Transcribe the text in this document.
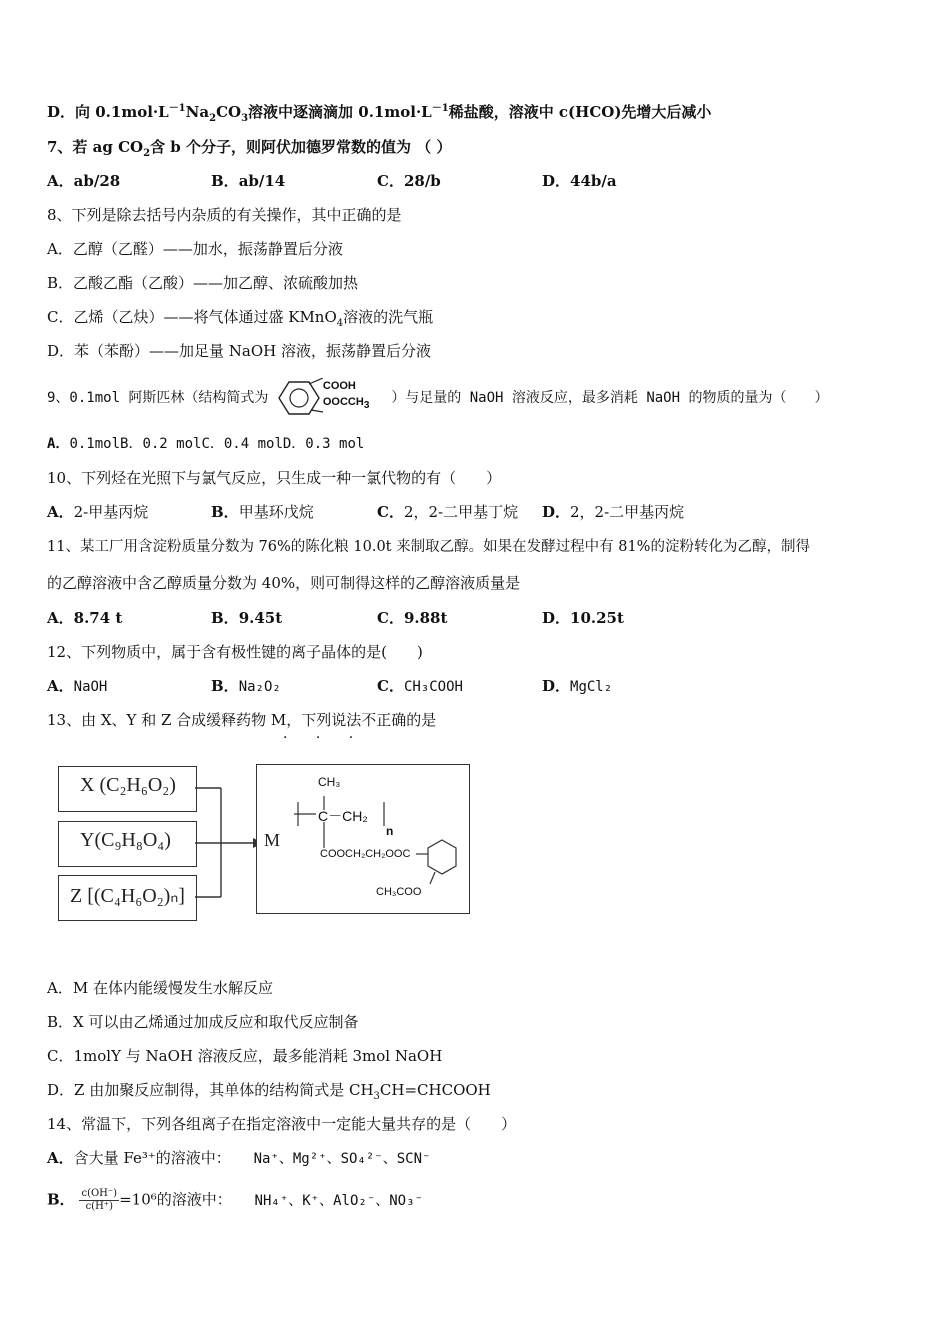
D．向 $0.1mol\cdot L^{-1}Na_2CO_3$溶液中逐滴滴加 $0.1mol\cdot L^{-1}$稀盐酸，溶液中 c(HCO)先增大后减小
7、若 ag $CO_2$含 b 个分子，则阿伏加德罗常数的值为 （ ）
A．ab/28	B．ab/14	C．28/b	D．44b/a
8、下列是除去括号内杂质的有关操作，其中正确的是
A．乙醇（乙醛）——加水，振荡静置后分液
B．乙酸乙酯（乙酸）——加乙醇、浓硫酸加热
C．乙烯（乙炔）——将气体通过盛 KMnO$_4$溶液的洗气瓶
D．苯（苯酚）——加足量 NaOH 溶液，振荡静置后分液
9、0.1mol 阿斯匹林（结构简式为
COOH
$OOCCH_3$ ）与足量的 NaOH 溶液反应，最多消耗 NaOH 的物质的量为（　　）
A．0.1molB．0.2 molC．0.4 molD．0.3 mol
10、下列烃在光照下与氯气反应，只生成一种一氯代物的有（　　）
A．2-甲基丙烷	B．甲基环戊烷	C．2，2-二甲基丁烷 D．2，2-二甲基丙烷
11、某工厂用含淀粉质量分数为 76%的陈化粮 10.0t 来制取乙醇。如果在发酵过程中有 81%的淀粉转化为乙醇，制得
的乙醇溶液中含乙醇质量分数为 40%，则可制得这样的乙醇溶液质量是
A．8.74 t	B．9.45t	C．9.88t	D．10.25t
12、下列物质中，属于含有极性键的离子晶体的是(　　)
A．NaOH	B．Na₂O₂	C．CH₃COOH	D．MgCl₂
13、由 X、Y 和 Z 合成缓释药物 M，下列说法不正确的是
· · ·
X (C₂H₆O₂)
Y(C₉H₈O₄)
Z [(C₄H₆O₂)ₙ]
M
CH₃
C－CH₂
n
COOCH₂CH₂OOC
CH₃COO
A．M 在体内能缓慢发生水解反应
B．X 可以由乙烯通过加成反应和取代反应制备
C．1molY 与 NaOH 溶液反应，最多能消耗 3mol NaOH
D．Z 由加聚反应制得，其单体的结构简式是 $CH_3CH=CHCOOH$
14、常温下，下列各组离子在指定溶液中一定能大量共存的是（　　）
A．含大量 Fe³⁺的溶液中： Na⁺、Mg²⁺、SO₄²⁻、SCN⁻
B． $\frac{c(OH^-)}{c(H^+)} =10^6$的溶液中： NH₄⁺、K⁺、AlO₂⁻、NO₃⁻
